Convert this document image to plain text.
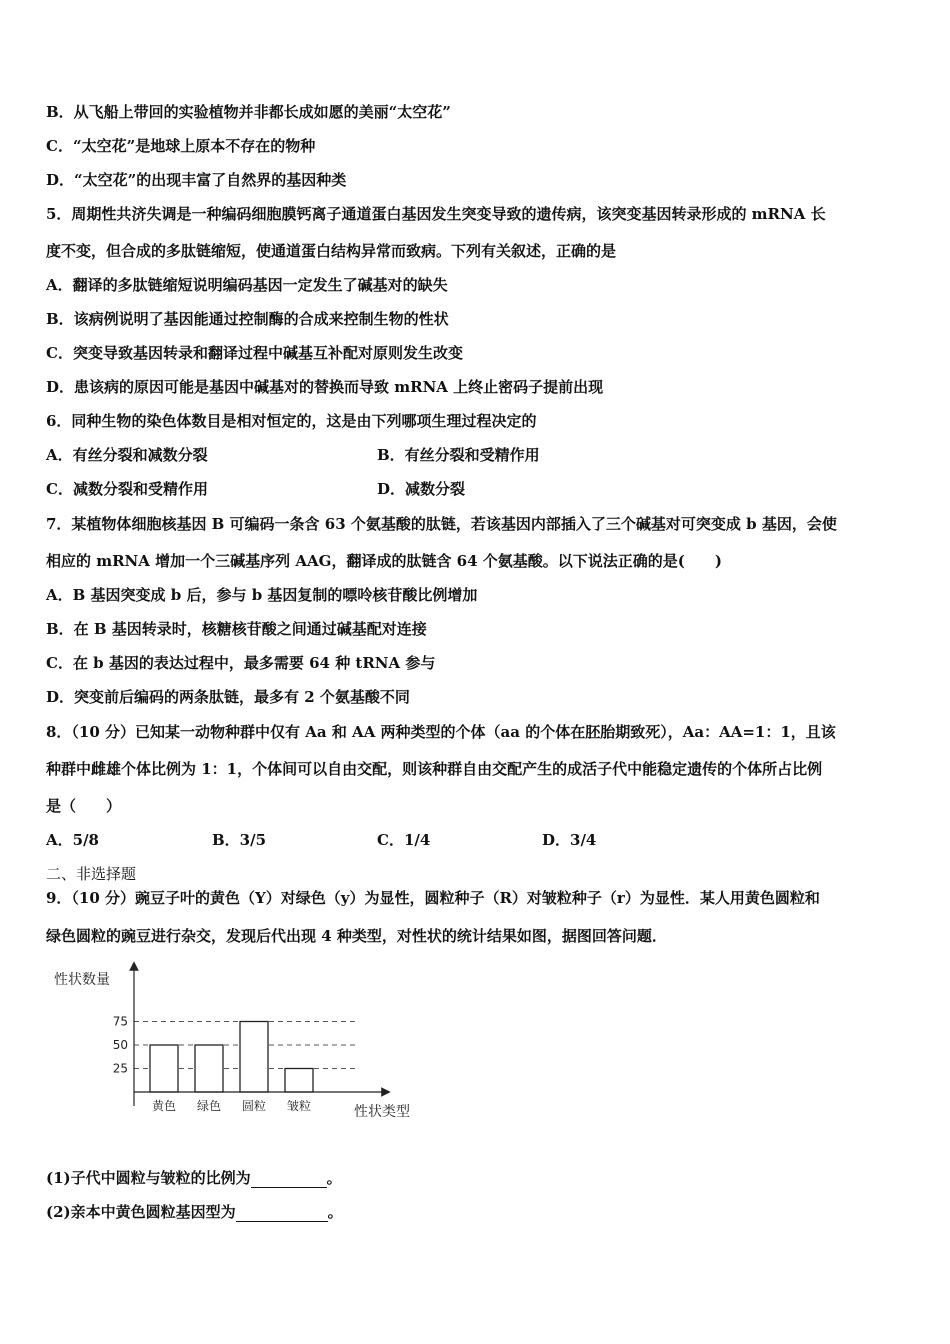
B．从飞船上带回的实验植物并非都长成如愿的美丽“太空花”
C．“太空花”是地球上原本不存在的物种
D．“太空花”的出现丰富了自然界的基因种类
5．周期性共济失调是一种编码细胞膜钙离子通道蛋白基因发生突变导致的遗传病，该突变基因转录形成的 mRNA 长
度不变，但合成的多肽链缩短，使通道蛋白结构异常而致病。下列有关叙述，正确的是
A．翻译的多肽链缩短说明编码基因一定发生了碱基对的缺失
B．该病例说明了基因能通过控制酶的合成来控制生物的性状
C．突变导致基因转录和翻译过程中碱基互补配对原则发生改变
D．患该病的原因可能是基因中碱基对的替换而导致 mRNA 上终止密码子提前出现
6．同种生物的染色体数目是相对恒定的，这是由下列哪项生理过程决定的
A．有丝分裂和减数分裂	B．有丝分裂和受精作用
C．减数分裂和受精作用	D．减数分裂
7．某植物体细胞核基因 B 可编码一条含 63 个氨基酸的肽链，若该基因内部插入了三个碱基对可突变成 b 基因，会使
相应的 mRNA 增加一个三碱基序列 AAG，翻译成的肽链含 64 个氨基酸。以下说法正确的是(　　)
A．B 基因突变成 b 后，参与 b 基因复制的嘌呤核苷酸比例增加
B．在 B 基因转录时，核糖核苷酸之间通过碱基配对连接
C．在 b 基因的表达过程中，最多需要 64 种 tRNA 参与
D．突变前后编码的两条肽链，最多有 2 个氨基酸不同
8．（10 分）已知某一动物种群中仅有 Aa 和 AA 两种类型的个体（aa 的个体在胚胎期致死），Aa：AA=1：1，且该
种群中雌雄个体比例为 1：1，个体间可以自由交配，则该种群自由交配产生的成活子代中能稳定遗传的个体所占比例
是（　　）
A．5/8	B．3/5	C．1/4	D．3/4
二、非选择题
9．（10 分）豌豆子叶的黄色（Y）对绿色（y）为显性，圆粒种子（R）对皱粒种子（r）为显性．某人用黄色圆粒和
绿色圆粒的豌豆进行杂交，发现后代出现 4 种类型，对性状的统计结果如图，据图回答问题．
性状数量
性状类型
25
50
75
黄色 绿色 圆粒 皱粒
(1)子代中圆粒与皱粒的比例为	。
(2)亲本中黄色圆粒基因型为	。
